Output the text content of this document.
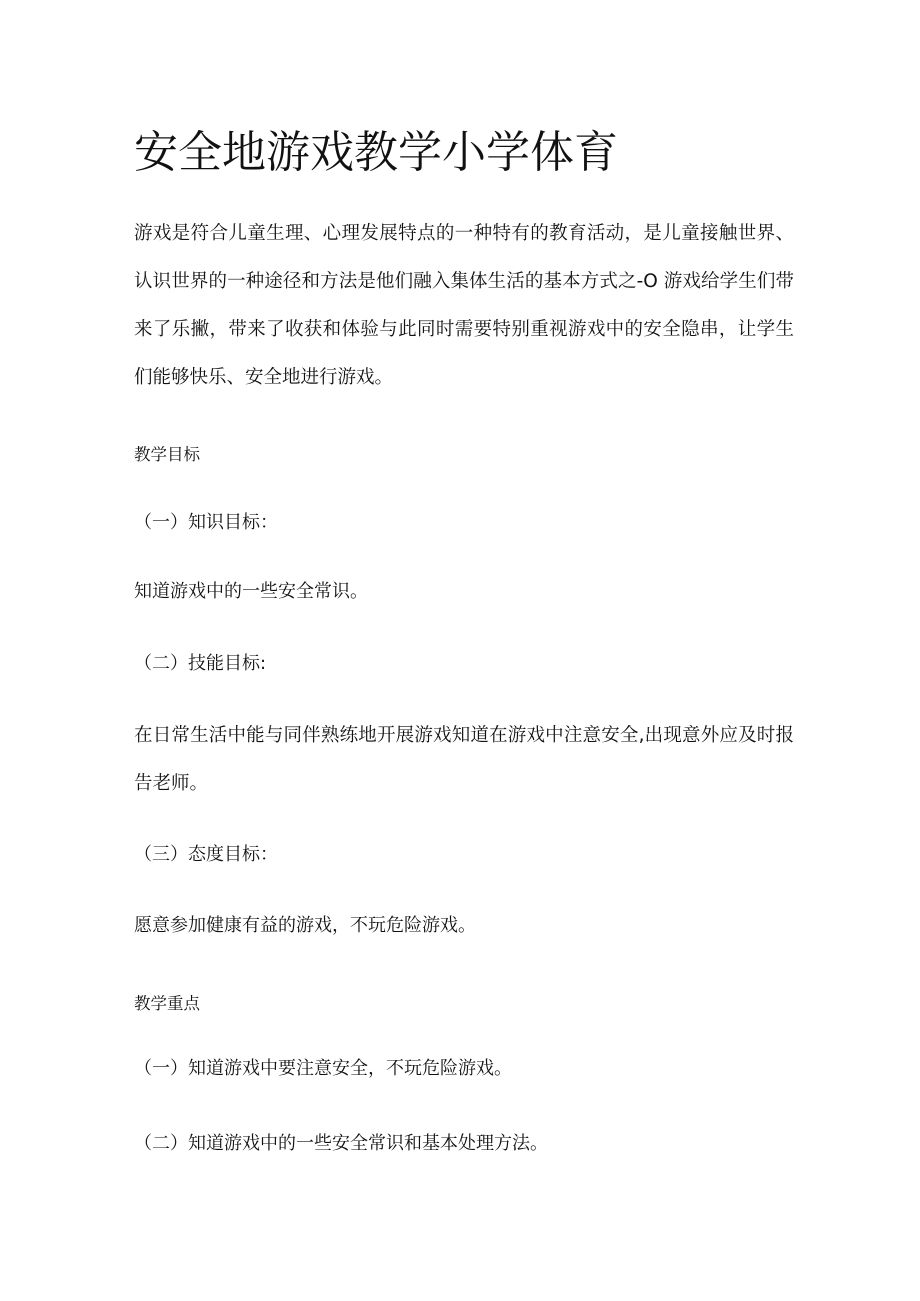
安全地游戏教学小学体育

游戏是符合儿童生理、心理发展特点的一种特有的教育活动，是儿童接触世界、认识世界的一种途径和方法是他们融入集体生活的基本方式之-O 游戏给学生们带来了乐撇，带来了收获和体验与此同时需要特别重视游戏中的安全隐串，让学生们能够快乐、安全地进行游戏。

教学目标

（一）知识目标：

知道游戏中的一些安全常识。

（二）技能目标:

在日常生活中能与同伴熟练地开展游戏知道在游戏中注意安全,出现意外应及时报告老师。

（三）态度目标：

愿意参加健康有益的游戏，不玩危险游戏。

教学重点

（一）知道游戏中要注意安全，不玩危险游戏。

（二）知道游戏中的一些安全常识和基本处理方法。
